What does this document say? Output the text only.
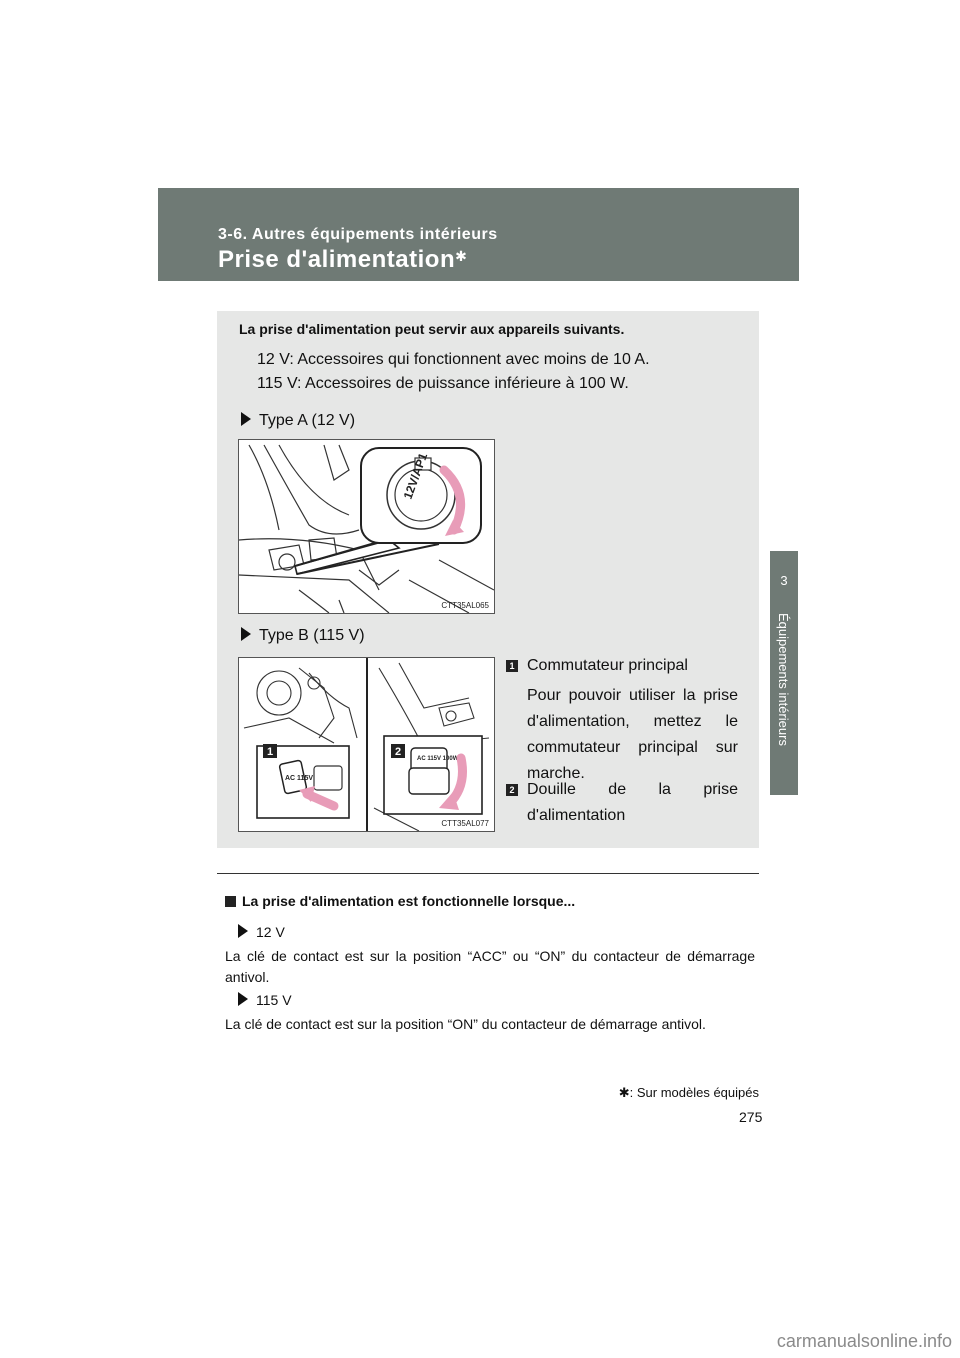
3-6. Autres équipements intérieurs
Prise d'alimentation✱
3
Équipements intérieurs
La prise d'alimentation peut servir aux appareils suivants.
12 V: Accessoires qui fonctionnent avec moins de 10 A.
115 V: Accessoires de puissance inférieure à 100 W.
Type A (12 V)
12V/AP1
CTT35AL065
Type B (115 V)
AC 115V
1
AC 115V 100W
2
CTT35AL077
1 Commutateur principal
Pour pouvoir utiliser la prise d'alimentation, mettez le commutateur principal sur marche.
2 Douille de la prise d'alimentation
La prise d'alimentation est fonctionnelle lorsque...
12 V
La clé de contact est sur la position “ACC” ou “ON” du contacteur de démarrage antivol.
115 V
La clé de contact est sur la position “ON” du contacteur de démarrage antivol.
✱: Sur modèles équipés
275
carmanualsonline.info
